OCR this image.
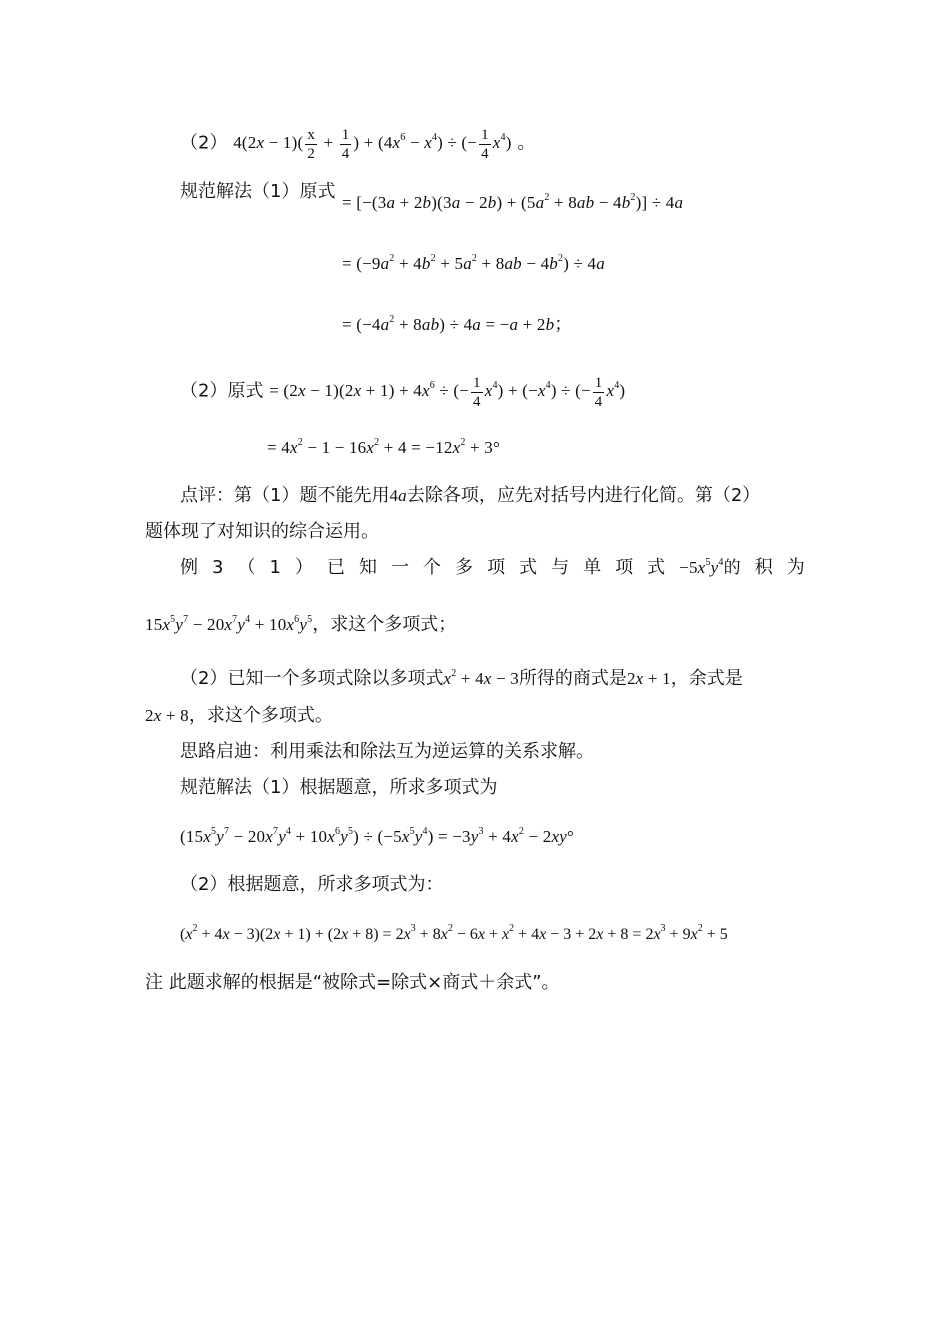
（2） $4(2x - 1)( \frac{x}{2} + \frac{1}{4}$ ) + $(4x^6 - x^4)$ ÷ (− $\frac{1}{4} x^4$) 。
规范解法（1）原式
= $[-(3a + 2b)(3a - 2b) + (5a^2 + 8ab - 4b^2)] \div 4a$
= $(-9a^2 + 4b^2 + 5a^2 + 8ab - 4b^2) \div 4a$
= $(-4a^2 + 8ab) \div 4a = -a + 2b$；
（2）原式 = $(2x - 1)(2x + 1) + 4x^6$ ÷ (− $\frac{1}{4} x^4) + (-x^4)$ ÷ (− $\frac{1}{4} x^4$)
= $4x^2 - 1 - 16x^2 + 4 = -12x^2 + 3^\circ$
点评：第（1）题不能先用4a去除各项，应先对括号内进行化简。第（2）
题体现了对知识的综合运用。
例 3 （ 1 ） 已 知 一 个 多 项 式 与 单 项 式 $-5x^5y^4$的 积 为
$15x^5y^7 - 20x^7y^4 + 10x^6y^5$，求这个多项式；
（2）已知一个多项式除以多项式$x^2 + 4x - 3$所得的商式是2x + 1，余式是
2x + 8，求这个多项式。
思路启迪：利用乘法和除法互为逆运算的关系求解。
规范解法（1）根据题意，所求多项式为
$(15x^5y^7 - 20x^7y^4 + 10x^6y^5) \div (-5x^5y^4) = -3y^3 + 4x^2 - 2xy^\circ$
（2）根据题意，所求多项式为：
$(x^2 + 4x - 3)(2x + 1) + (2x + 8) = 2x^3 + 8x^2 - 6x + x^2 + 4x - 3 + 2x + 8 = 2x^3 + 9x^2 + 5$
注 此题求解的根据是“被除式=除式×商式＋余式”。
